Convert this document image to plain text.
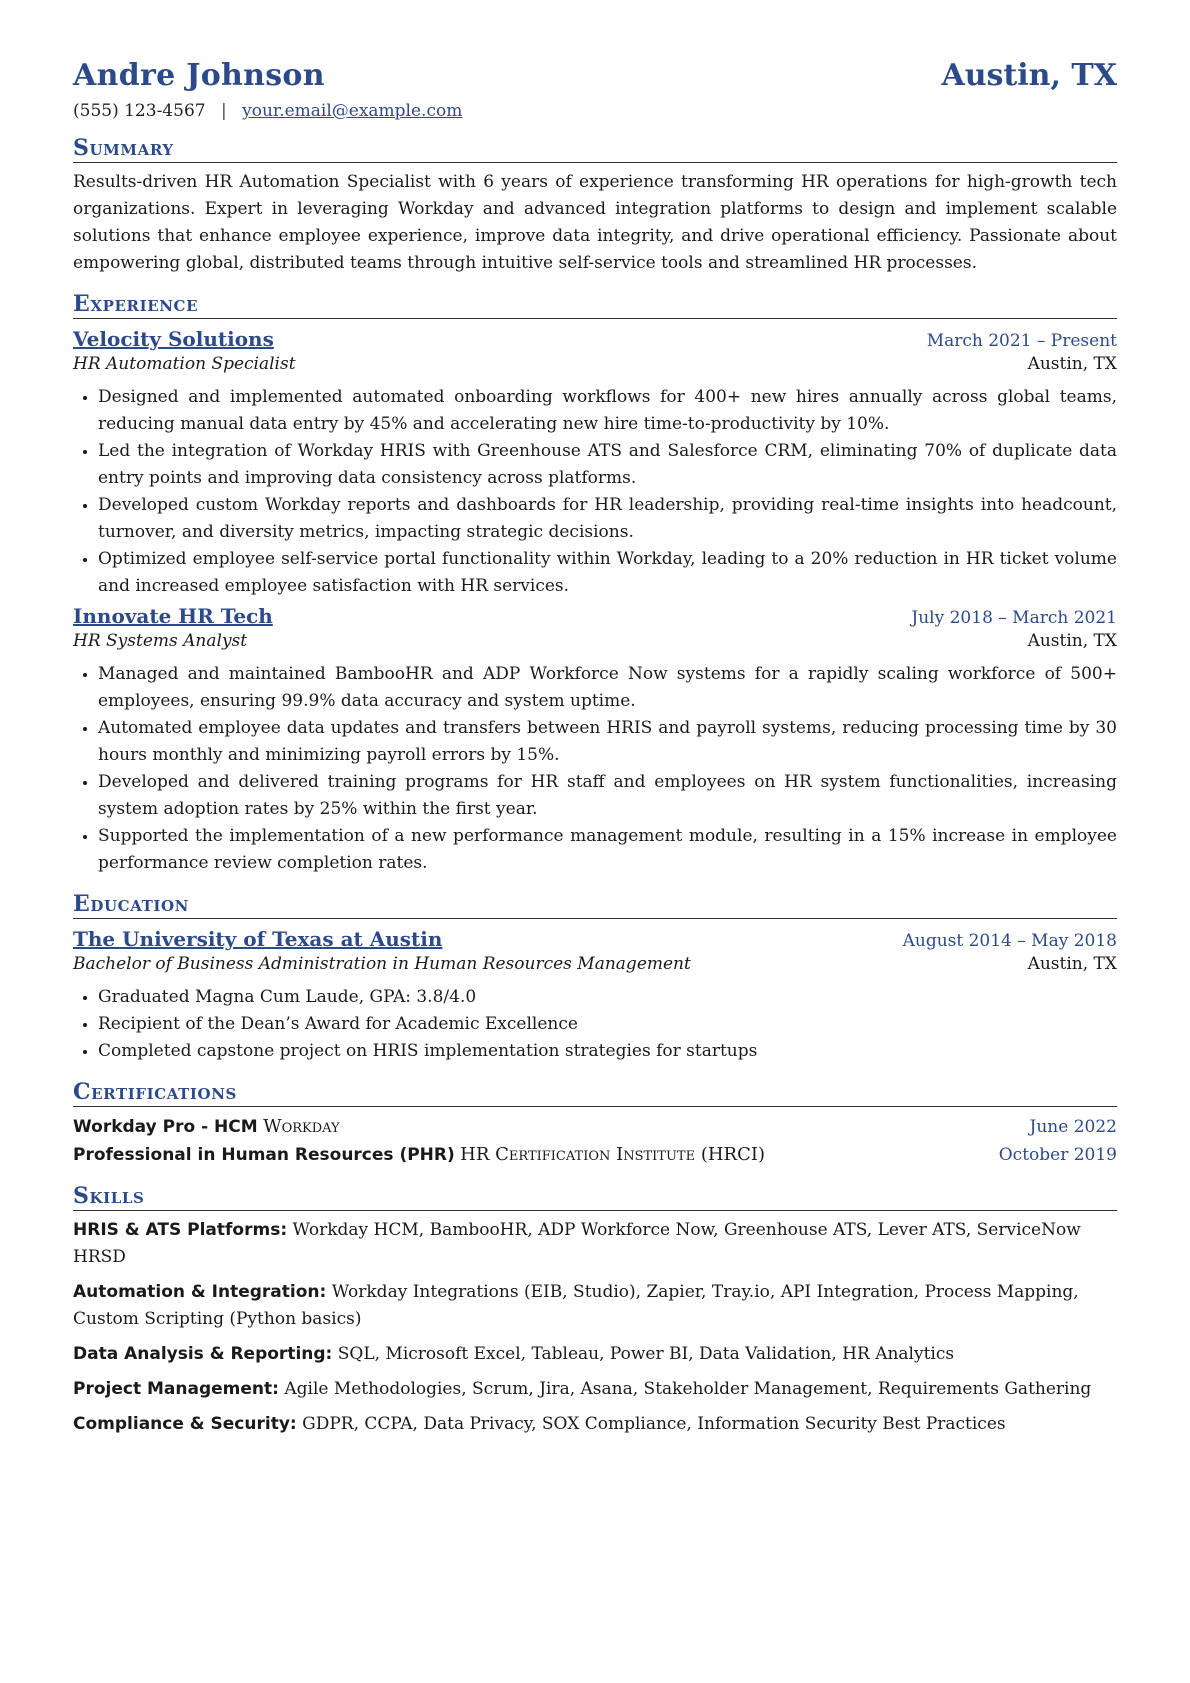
Andre Johnson	Austin, TX
(555) 123-4567 | your.email@example.com
Summary
Results-driven HR Automation Specialist with 6 years of experience transforming HR operations for high-growth tech organizations. Expert in leveraging Workday and advanced integration platforms to design and implement scalable solutions that enhance employee experience, improve data integrity, and drive operational efficiency. Passionate about empowering global, distributed teams through intuitive self-service tools and streamlined HR processes.
Experience
Velocity Solutions	March 2021 – Present
HR Automation Specialist	Austin, TX
• Designed and implemented automated onboarding workflows for 400+ new hires annually across global teams, reducing manual data entry by 45% and accelerating new hire time-to-productivity by 10%.
• Led the integration of Workday HRIS with Greenhouse ATS and Salesforce CRM, eliminating 70% of duplicate data entry points and improving data consistency across platforms.
• Developed custom Workday reports and dashboards for HR leadership, providing real-time insights into headcount, turnover, and diversity metrics, impacting strategic decisions.
• Optimized employee self-service portal functionality within Workday, leading to a 20% reduction in HR ticket volume and increased employee satisfaction with HR services.
Innovate HR Tech	July 2018 – March 2021
HR Systems Analyst	Austin, TX
• Managed and maintained BambooHR and ADP Workforce Now systems for a rapidly scaling workforce of 500+ employees, ensuring 99.9% data accuracy and system uptime.
• Automated employee data updates and transfers between HRIS and payroll systems, reducing processing time by 30 hours monthly and minimizing payroll errors by 15%.
• Developed and delivered training programs for HR staff and employees on HR system functionalities, increasing system adoption rates by 25% within the first year.
• Supported the implementation of a new performance management module, resulting in a 15% increase in employee performance review completion rates.
Education
The University of Texas at Austin	August 2014 – May 2018
Bachelor of Business Administration in Human Resources Management	Austin, TX
• Graduated Magna Cum Laude, GPA: 3.8/4.0
• Recipient of the Dean’s Award for Academic Excellence
• Completed capstone project on HRIS implementation strategies for startups
Certifications
Workday Pro - HCM Workday	June 2022
Professional in Human Resources (PHR) HR Certification Institute (HRCI)	October 2019
Skills
HRIS & ATS Platforms: Workday HCM, BambooHR, ADP Workforce Now, Greenhouse ATS, Lever ATS, ServiceNow HRSD
Automation & Integration: Workday Integrations (EIB, Studio), Zapier, Tray.io, API Integration, Process Mapping, Custom Scripting (Python basics)
Data Analysis & Reporting: SQL, Microsoft Excel, Tableau, Power BI, Data Validation, HR Analytics
Project Management: Agile Methodologies, Scrum, Jira, Asana, Stakeholder Management, Requirements Gathering
Compliance & Security: GDPR, CCPA, Data Privacy, SOX Compliance, Information Security Best Practices
